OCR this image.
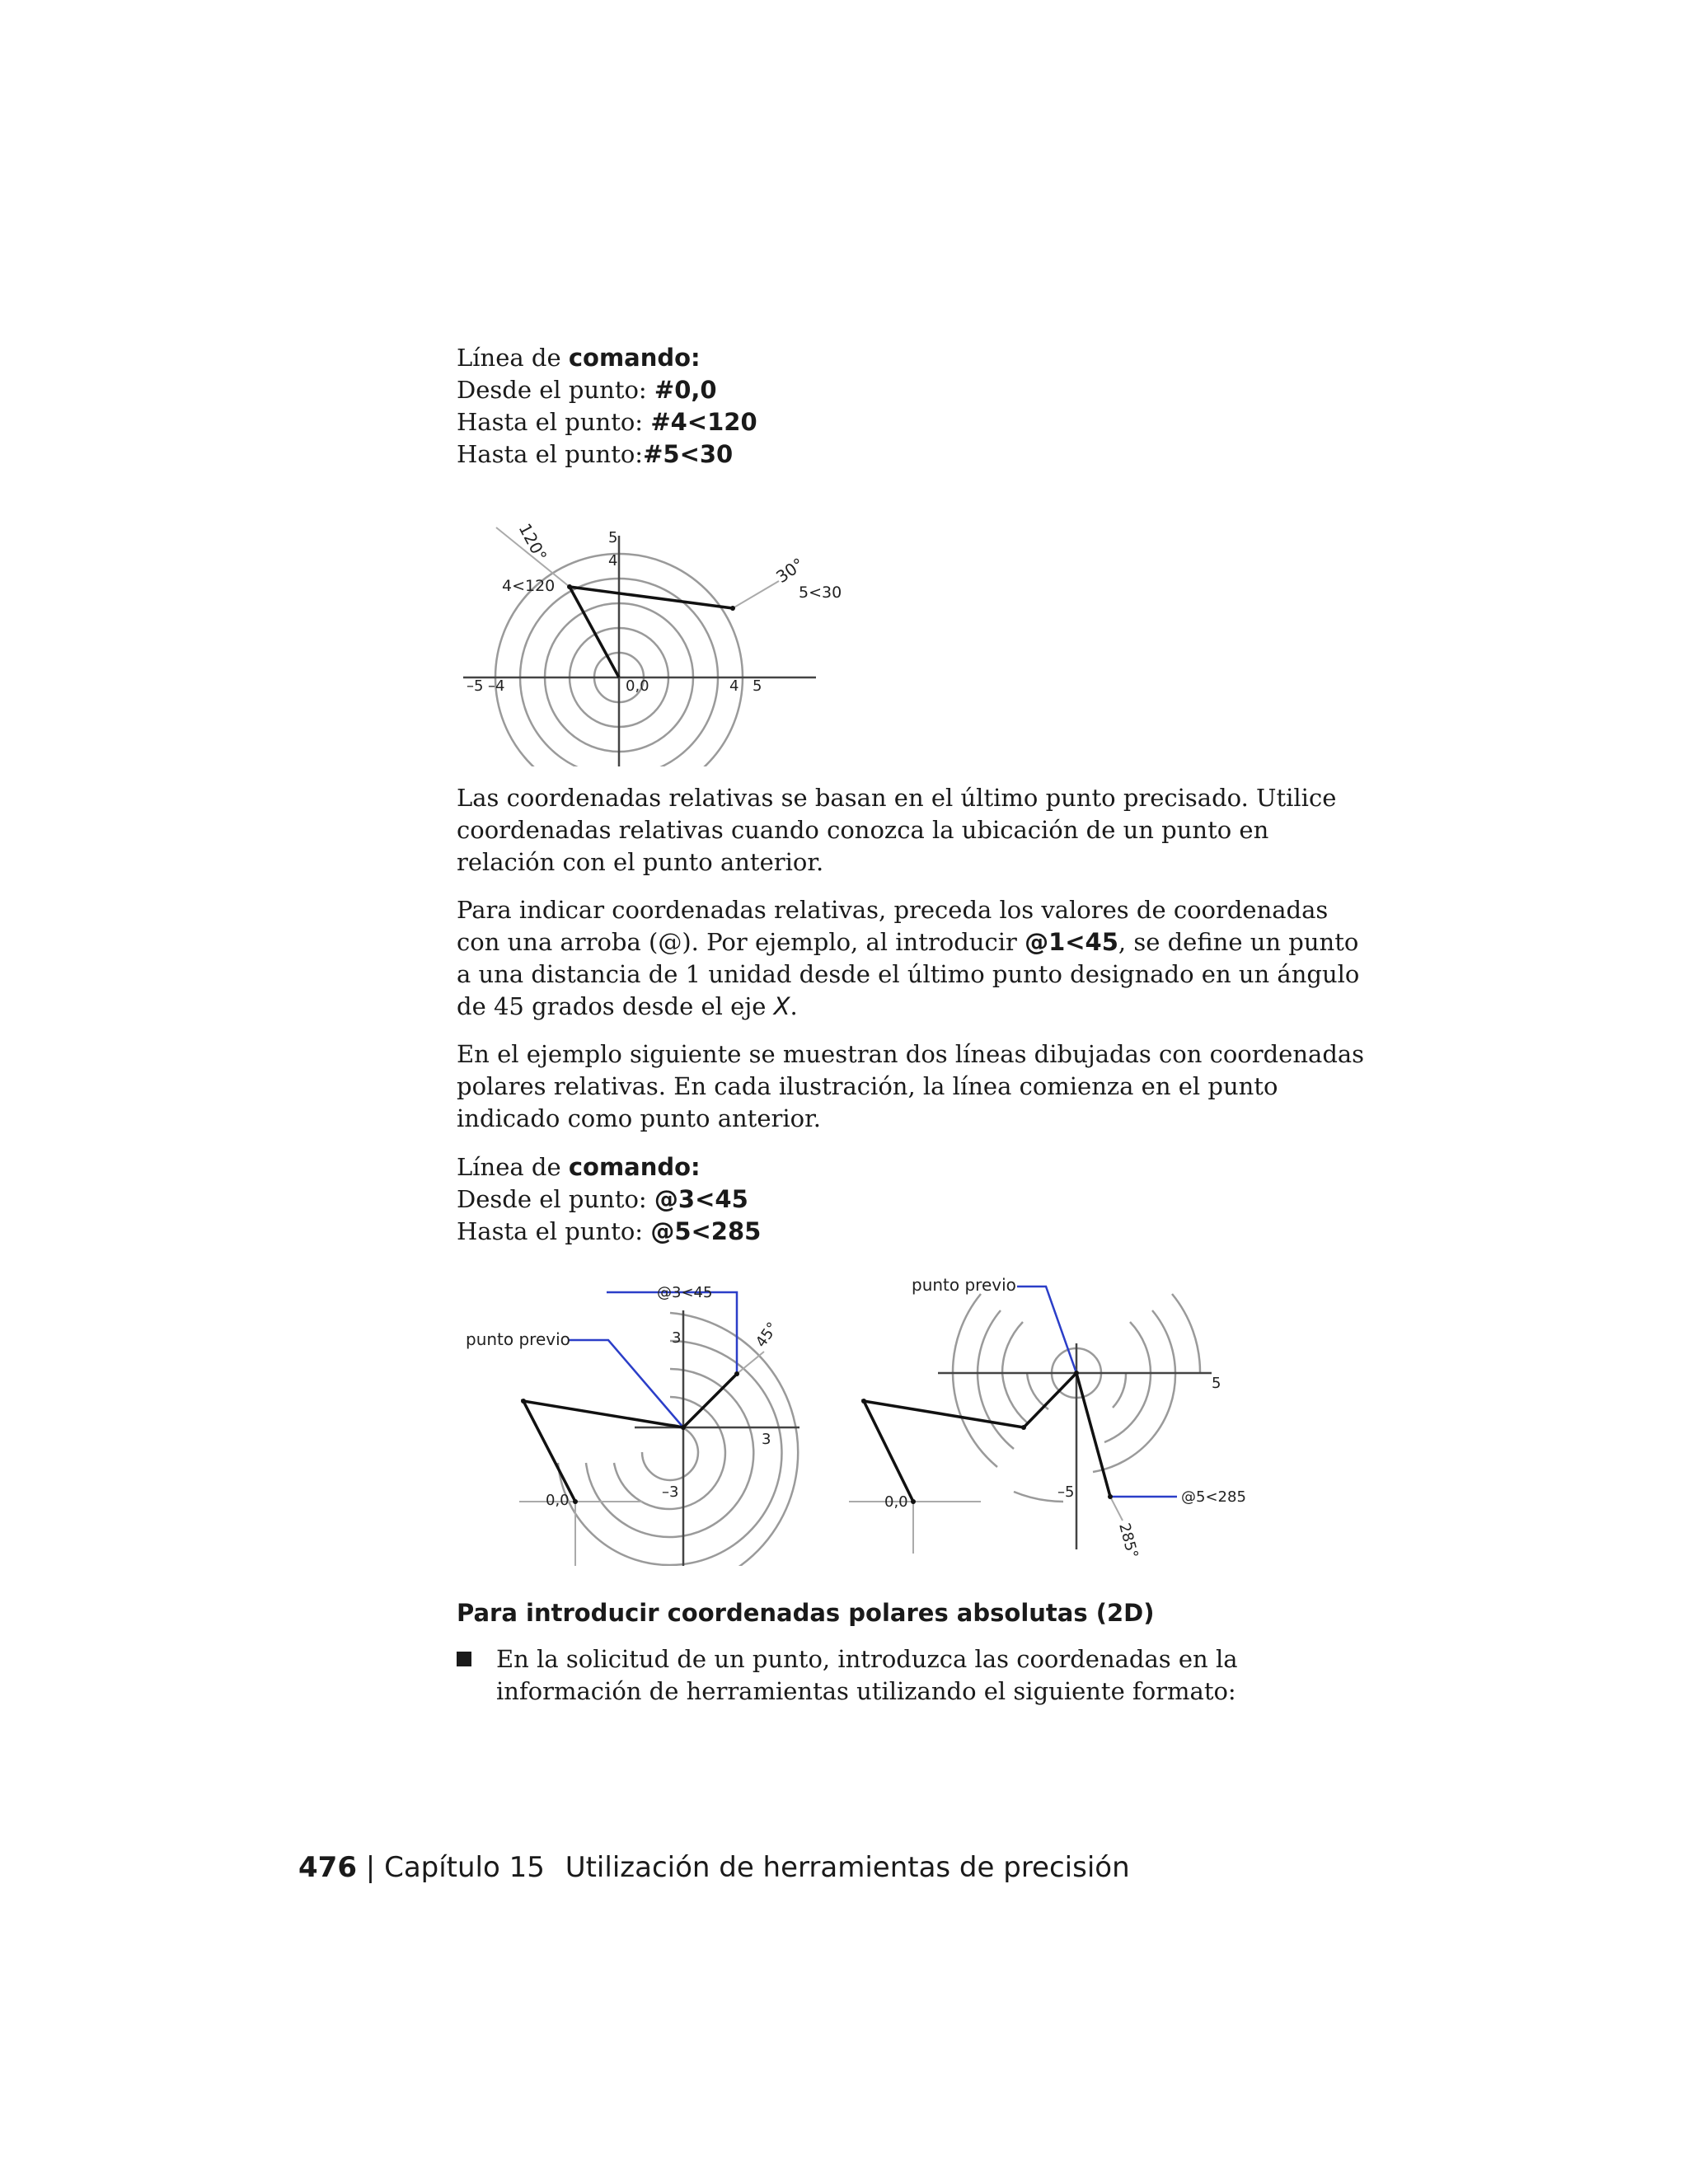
Línea de comando:

Desde el punto: #0,0

Hasta el punto: #4<120

Hasta el punto:#5<30

120°
30°
5
4
4<120	5<30
–5 –4	0,0	4 5

Las coordenadas relativas se basan en el último punto precisado. Utilice coordenadas relativas cuando conozca la ubicación de un punto en relación con el punto anterior.

Para indicar coordenadas relativas, preceda los valores de coordenadas con una arroba (@). Por ejemplo, al introducir @1<45, se define un punto a una distancia de 1 unidad desde el último punto designado en un ángulo de 45 grados desde el eje X.

En el ejemplo siguiente se muestran dos líneas dibujadas con coordenadas polares relativas. En cada ilustración, la línea comienza en el punto indicado como punto anterior.

Línea de comando:

Desde el punto: @3<45

Hasta el punto: @5<285

@3<45
punto previo	3
3
–3
0,0
45°
punto previo
5
–5	@5<285
0,0
285°
Para introducir coordenadas polares absolutas (2D)
En la solicitud de un punto, introduzca las coordenadas en la información de herramientas utilizando el siguiente formato:
476 | Capítulo 15 Utilización de herramientas de precisión
